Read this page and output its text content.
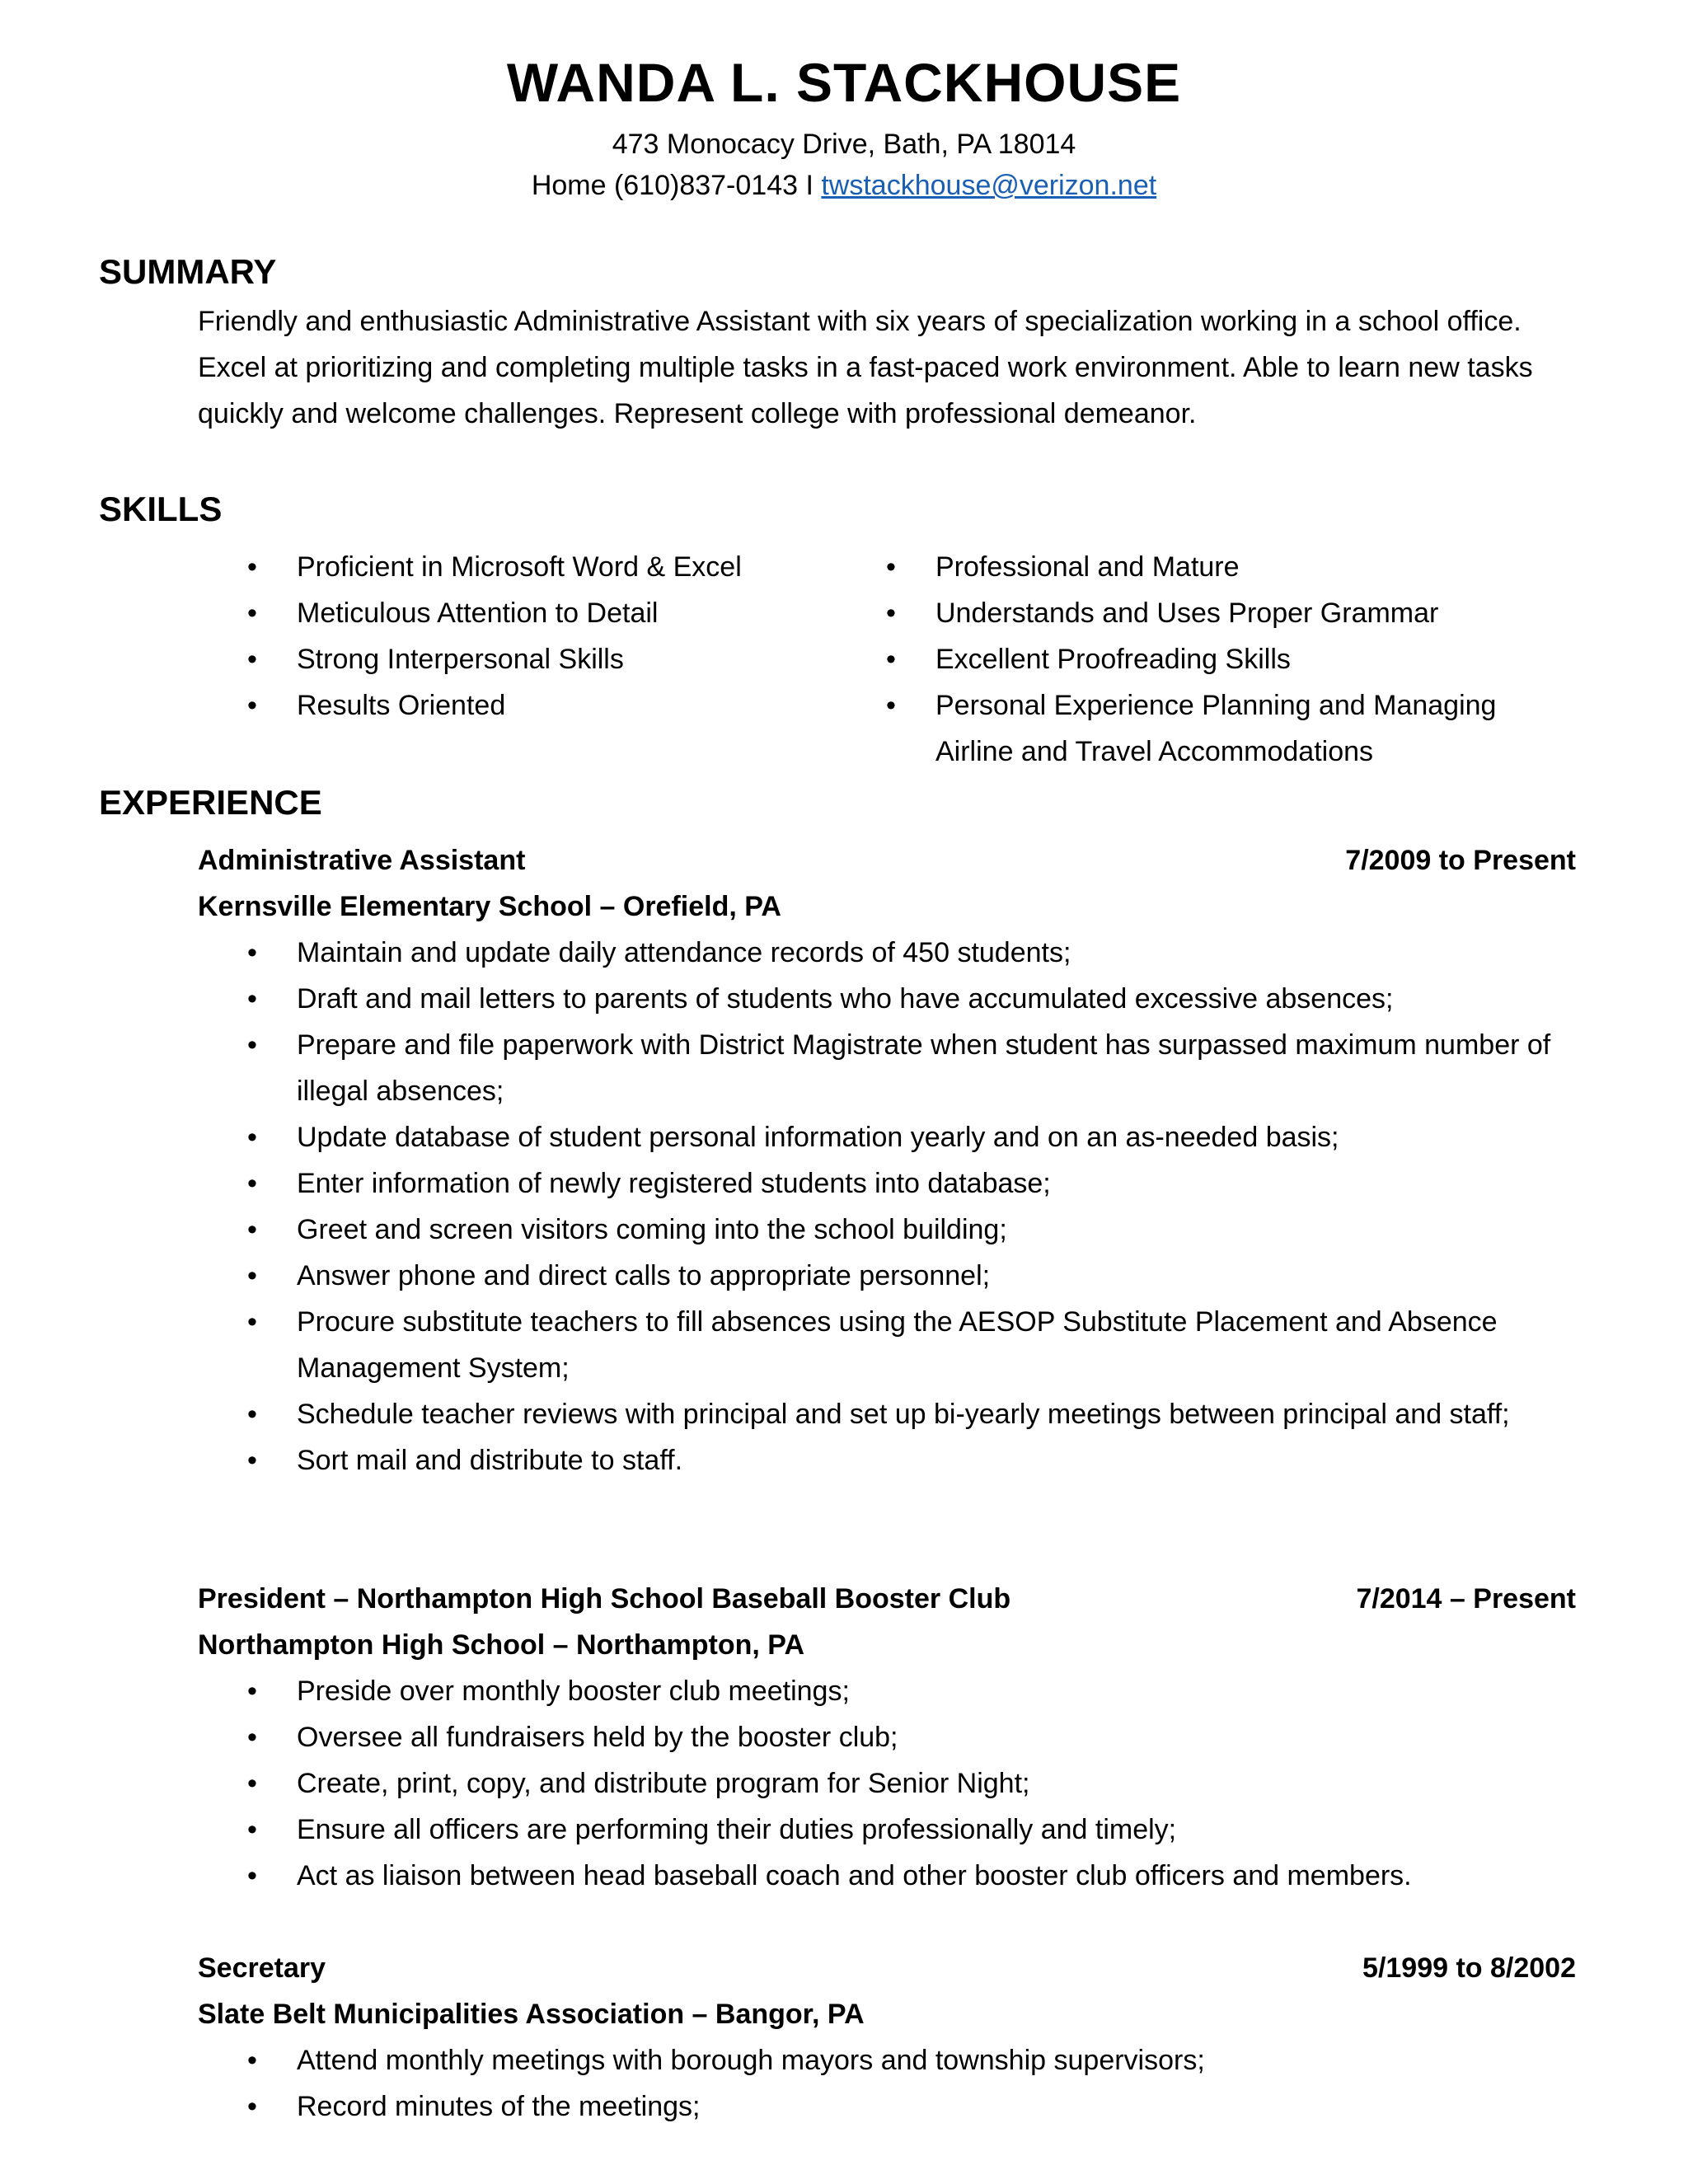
WANDA L. STACKHOUSE
473 Monocacy Drive, Bath, PA 18014
Home (610)837-0143 I twstackhouse@verizon.net
SUMMARY
Friendly and enthusiastic Administrative Assistant with six years of specialization working in a school office. Excel at prioritizing and completing multiple tasks in a fast-paced work environment. Able to learn new tasks quickly and welcome challenges. Represent college with professional demeanor.
SKILLS
• Proficient in Microsoft Word & Excel
• Meticulous Attention to Detail
• Strong Interpersonal Skills
• Results Oriented
• Professional and Mature
• Understands and Uses Proper Grammar
• Excellent Proofreading Skills
• Personal Experience Planning and Managing Airline and Travel Accommodations
EXPERIENCE
Administrative Assistant	7/2009 to Present
Kernsville Elementary School – Orefield, PA
• Maintain and update daily attendance records of 450 students;
• Draft and mail letters to parents of students who have accumulated excessive absences;
• Prepare and file paperwork with District Magistrate when student has surpassed maximum number of illegal absences;
• Update database of student personal information yearly and on an as-needed basis;
• Enter information of newly registered students into database;
• Greet and screen visitors coming into the school building;
• Answer phone and direct calls to appropriate personnel;
• Procure substitute teachers to fill absences using the AESOP Substitute Placement and Absence Management System;
• Schedule teacher reviews with principal and set up bi-yearly meetings between principal and staff;
• Sort mail and distribute to staff.
President – Northampton High School Baseball Booster Club	7/2014 – Present
Northampton High School – Northampton, PA
• Preside over monthly booster club meetings;
• Oversee all fundraisers held by the booster club;
• Create, print, copy, and distribute program for Senior Night;
• Ensure all officers are performing their duties professionally and timely;
• Act as liaison between head baseball coach and other booster club officers and members.
Secretary	5/1999 to 8/2002
Slate Belt Municipalities Association – Bangor, PA
• Attend monthly meetings with borough mayors and township supervisors;
• Record minutes of the meetings;
